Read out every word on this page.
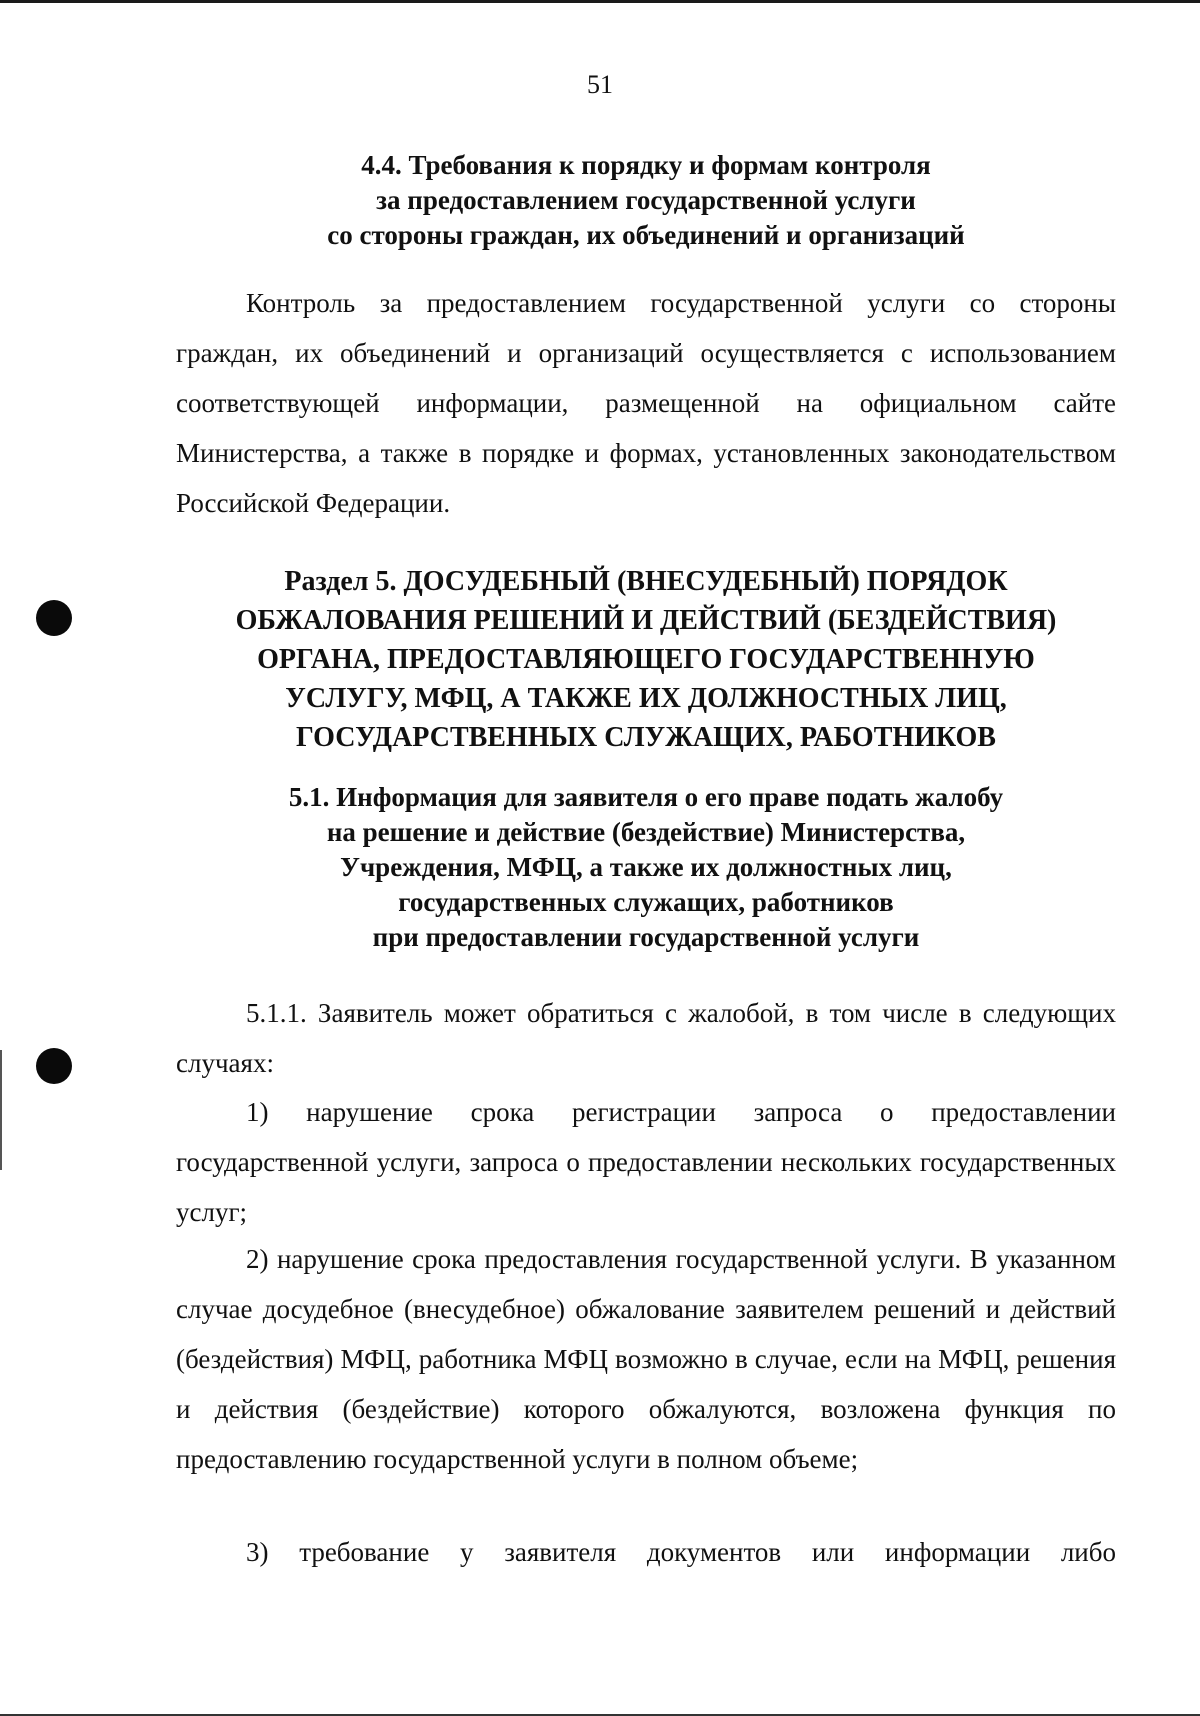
51
4.4. Требования к порядку и формам контроля
за предоставлением государственной услуги
со стороны граждан, их объединений и организаций

Контроль за предоставлением государственной услуги со стороны граждан, их объединений и организаций осуществляется с использованием соответствующей информации, размещенной на официальном сайте Министерства, а также в порядке и формах, установленных законодательством Российской Федерации.

Раздел 5. ДОСУДЕБНЫЙ (ВНЕСУДЕБНЫЙ) ПОРЯДОК
ОБЖАЛОВАНИЯ РЕШЕНИЙ И ДЕЙСТВИЙ (БЕЗДЕЙСТВИЯ)
ОРГАНА, ПРЕДОСТАВЛЯЮЩЕГО ГОСУДАРСТВЕННУЮ
УСЛУГУ, МФЦ, А ТАКЖЕ ИХ ДОЛЖНОСТНЫХ ЛИЦ,
ГОСУДАРСТВЕННЫХ СЛУЖАЩИХ, РАБОТНИКОВ
5.1. Информация для заявителя о его праве подать жалобу
на решение и действие (бездействие) Министерства,
Учреждения, МФЦ, а также их должностных лиц,
государственных служащих, работников
при предоставлении государственной услуги

5.1.1. Заявитель может обратиться с жалобой, в том числе в следующих случаях:

1) нарушение срока регистрации запроса о предоставлении государственной услуги, запроса о предоставлении нескольких государственных услуг;

2) нарушение срока предоставления государственной услуги. В указанном случае досудебное (внесудебное) обжалование заявителем решений и действий (бездействия) МФЦ, работника МФЦ возможно в случае, если на МФЦ, решения и действия (бездействие) которого обжалуются, возложена функция по предоставлению государственной услуги в полном объеме;

3) требование у заявителя документов или информации либо
